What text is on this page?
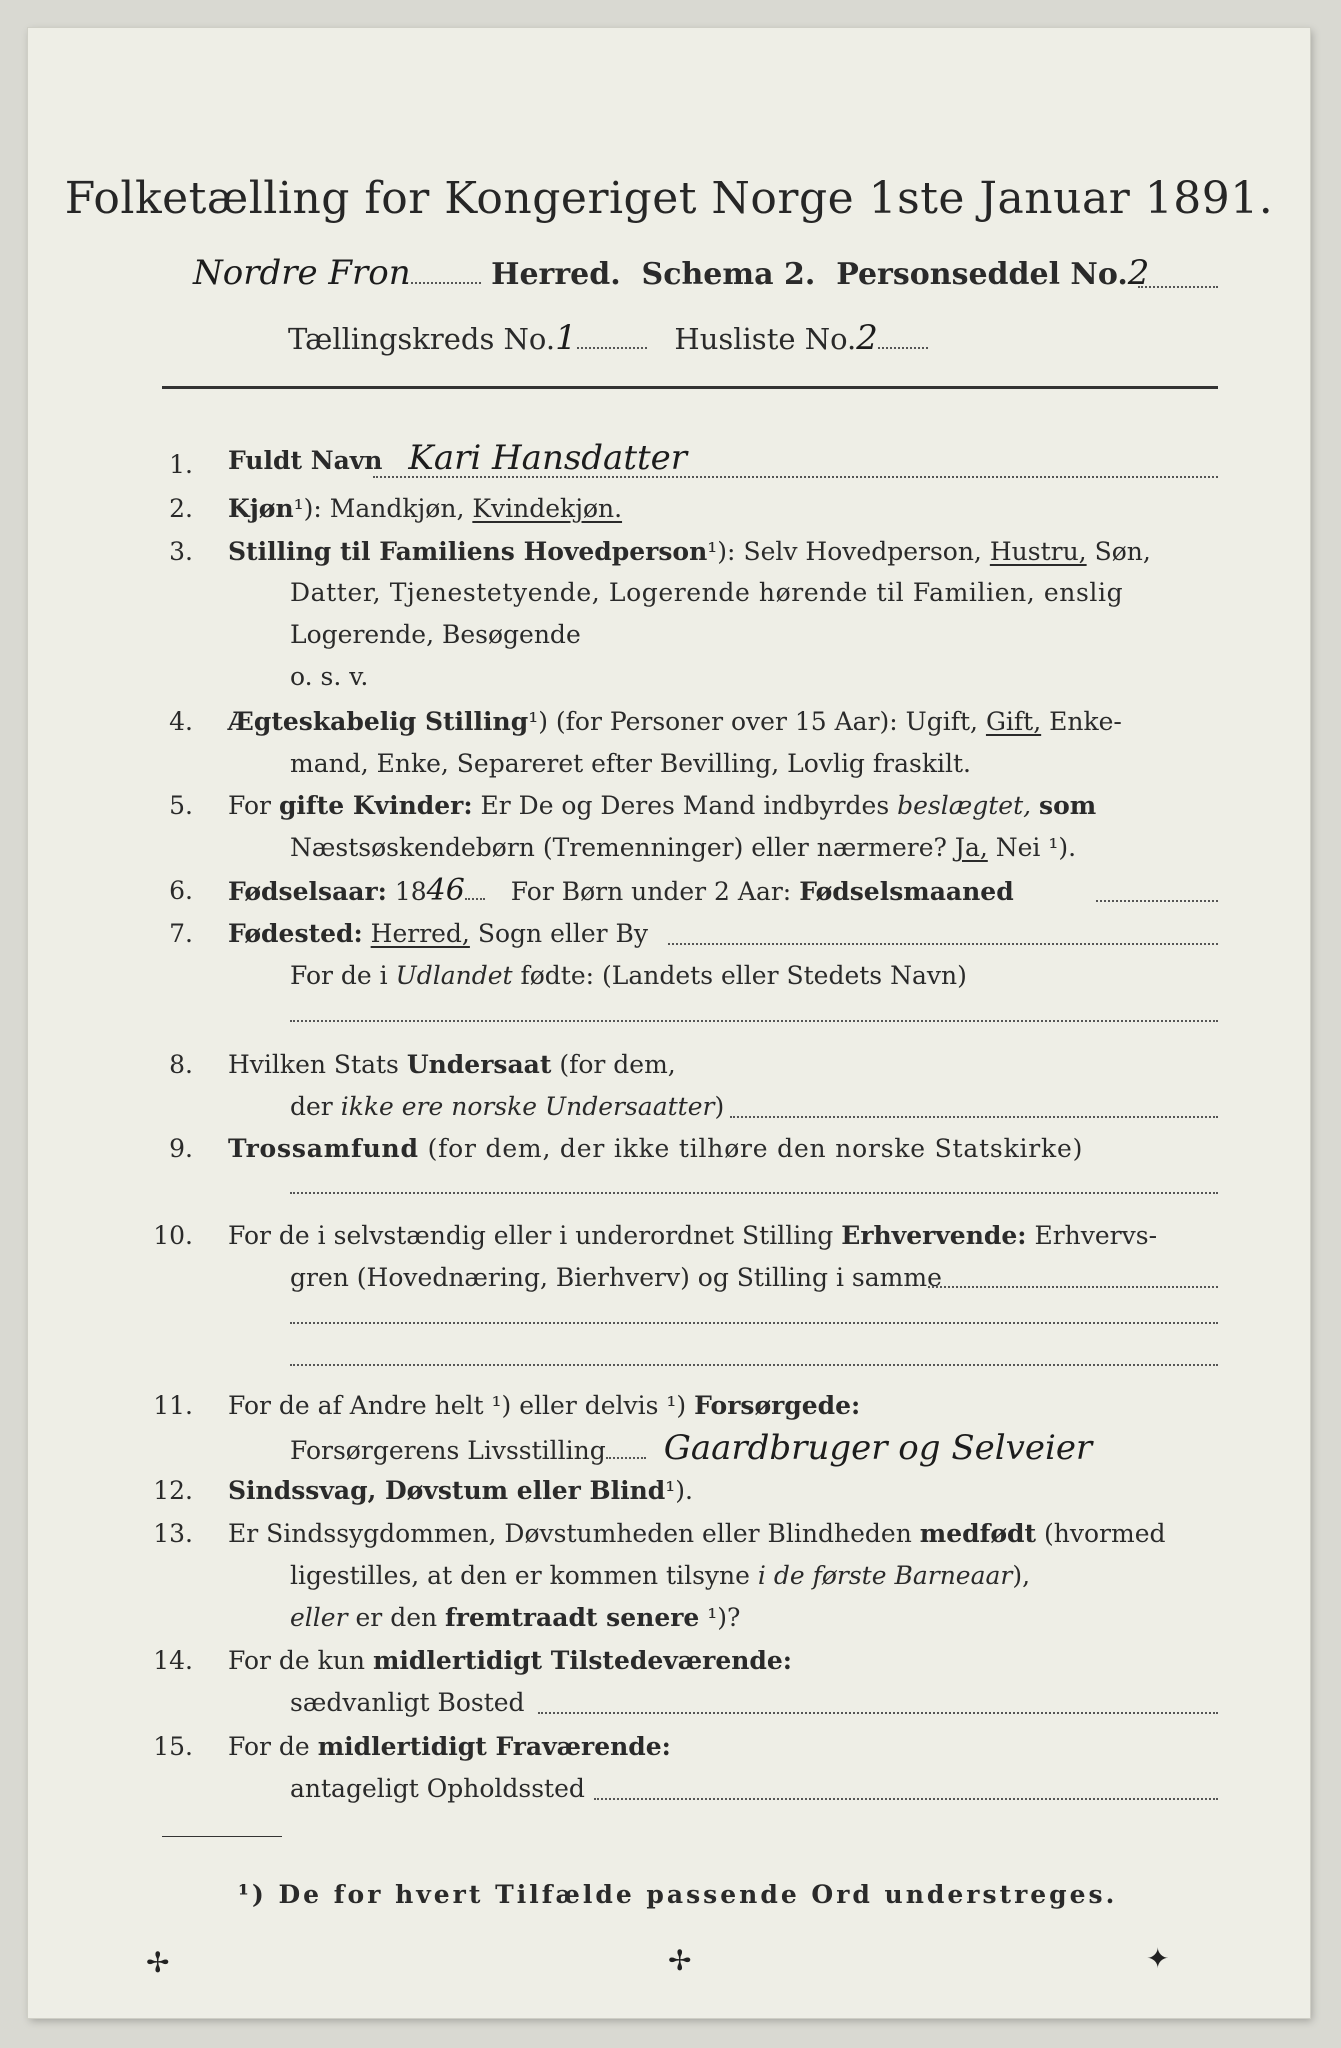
Folketælling for Kongeriget Norge 1ste Januar 1891.
Nordre Fron	Herred. Schema 2. Personseddel No.2
Tællingskreds No.1	Husliste No.2
1. Fuldt Navn Kari Hansdatter
2. Kjøn¹): Mandkjøn, Kvindekjøn.
3. Stilling til Familiens Hovedperson¹): Selv Hovedperson, Hustru, Søn,
Datter, Tjenestetyende, Logerende hørende til Familien, enslig
Logerende, Besøgende
o. s. v.
4. Ægteskabelig Stilling¹) (for Personer over 15 Aar): Ugift, Gift, Enke-
mand, Enke, Separeret efter Bevilling, Lovlig fraskilt.
5. For gifte Kvinder: Er De og Deres Mand indbyrdes beslægtet, som
Næstsøskendebørn (Tremenninger) eller nærmere? Ja, Nei ¹).
6. Fødselsaar: 1846 For Børn under 2 Aar: Fødselsmaaned
7. Fødested: Herred, Sogn eller By
For de i Udlandet fødte: (Landets eller Stedets Navn)
8. Hvilken Stats Undersaat (for dem,
der ikke ere norske Undersaatter)
9. Trossamfund (for dem, der ikke tilhøre den norske Statskirke)
10. For de i selvstændig eller i underordnet Stilling Erhvervende: Erhvervs-
gren (Hovednæring, Bierhverv) og Stilling i samme
11. For de af Andre helt ¹) eller delvis ¹) Forsørgede:
Forsørgerens Livsstilling Gaardbruger og Selveier
12. Sindssvag, Døvstum eller Blind¹).
13. Er Sindssygdommen, Døvstumheden eller Blindheden medfødt (hvormed
ligestilles, at den er kommen tilsyne i de første Barneaar),
eller er den fremtraadt senere ¹)?
14. For de kun midlertidigt Tilstedeværende:
sædvanligt Bosted
15. For de midlertidigt Fraværende:
antageligt Opholdssted
¹) De for hvert Tilfælde passende Ord understreges.
✢	✢	✦
